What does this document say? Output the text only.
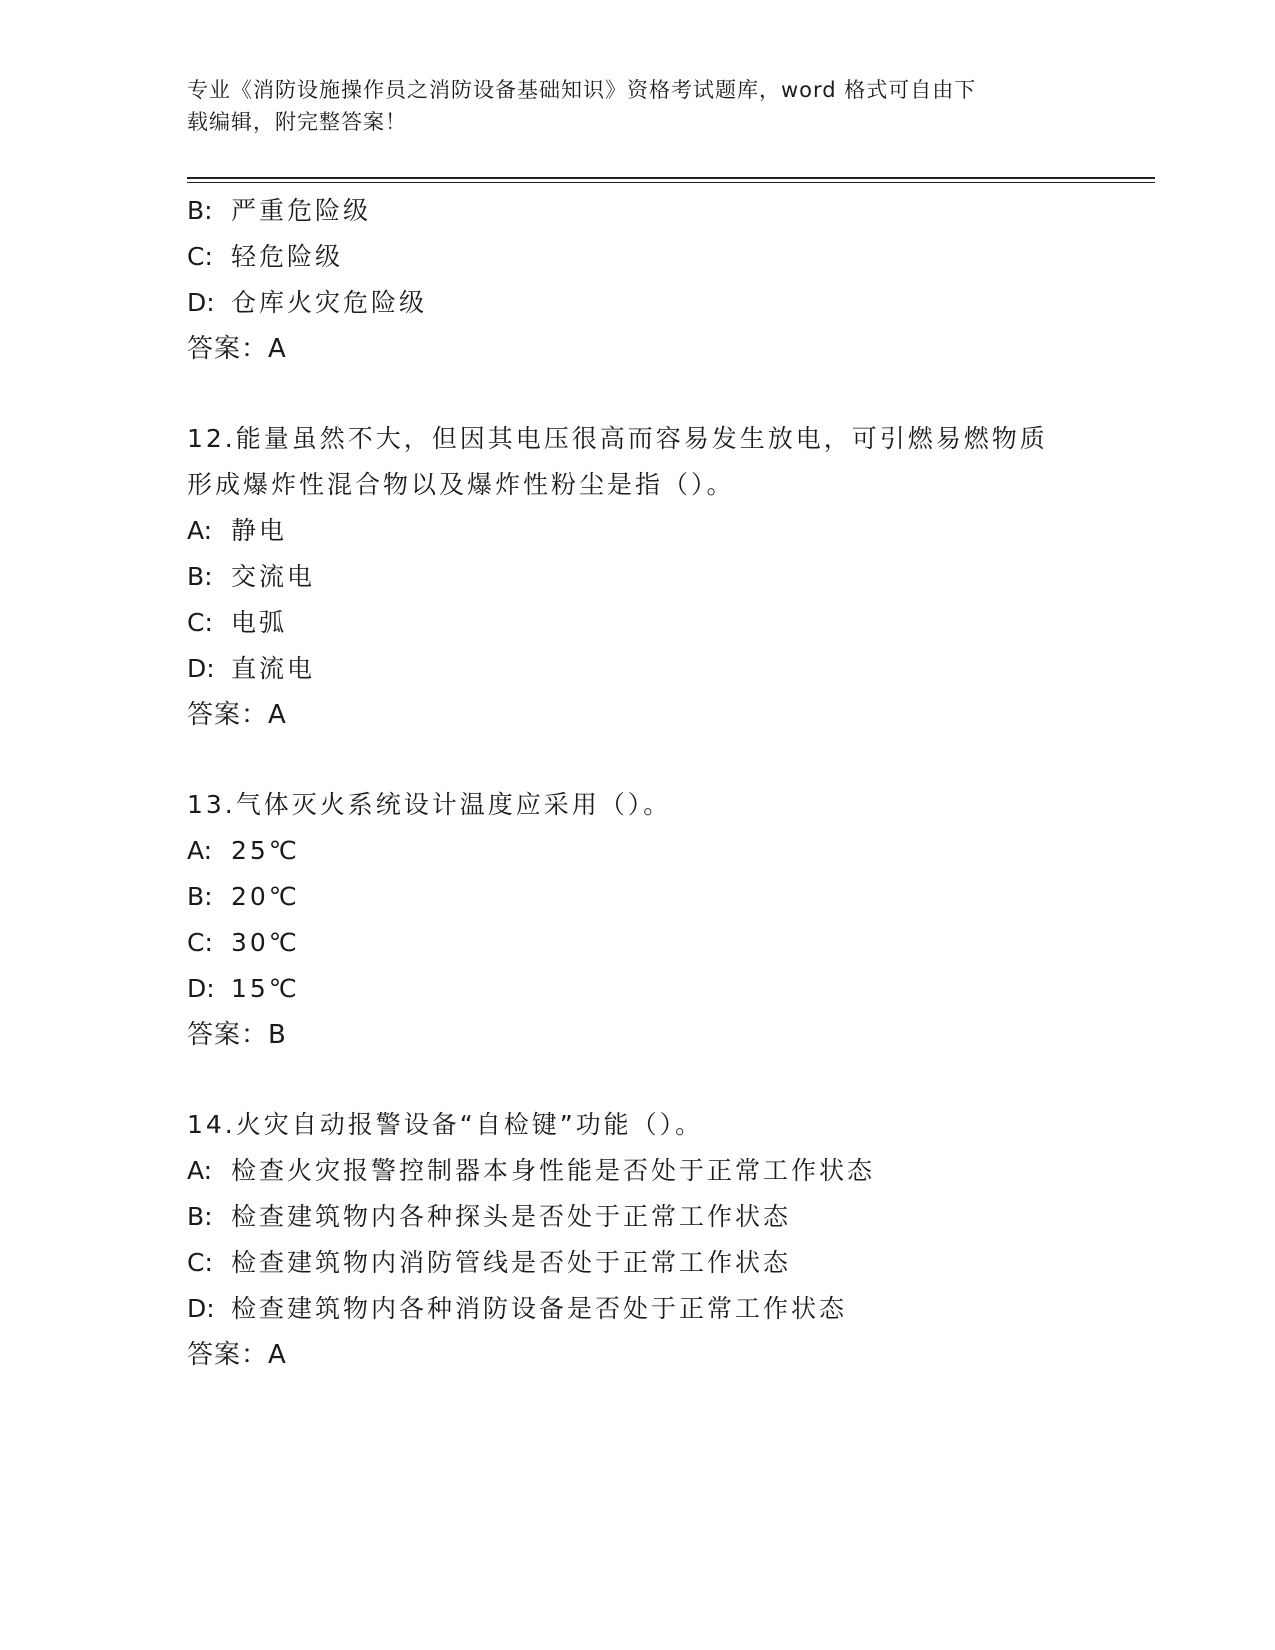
专业《消防设施操作员之消防设备基础知识》资格考试题库，word 格式可自由下
载编辑，附完整答案！
B: 严重危险级
C: 轻危险级
D: 仓库火灾危险级
答案：A
12.能量虽然不大，但因其电压很高而容易发生放电，可引燃易燃物质
形成爆炸性混合物以及爆炸性粉尘是指（）。
A: 静电
B: 交流电
C: 电弧
D: 直流电
答案：A
13.气体灭火系统设计温度应采用（）。
A: 25℃
B: 20℃
C: 30℃
D: 15℃
答案：B
14.火灾自动报警设备“自检键”功能（）。
A: 检查火灾报警控制器本身性能是否处于正常工作状态
B: 检查建筑物内各种探头是否处于正常工作状态
C: 检查建筑物内消防管线是否处于正常工作状态
D: 检查建筑物内各种消防设备是否处于正常工作状态
答案：A
